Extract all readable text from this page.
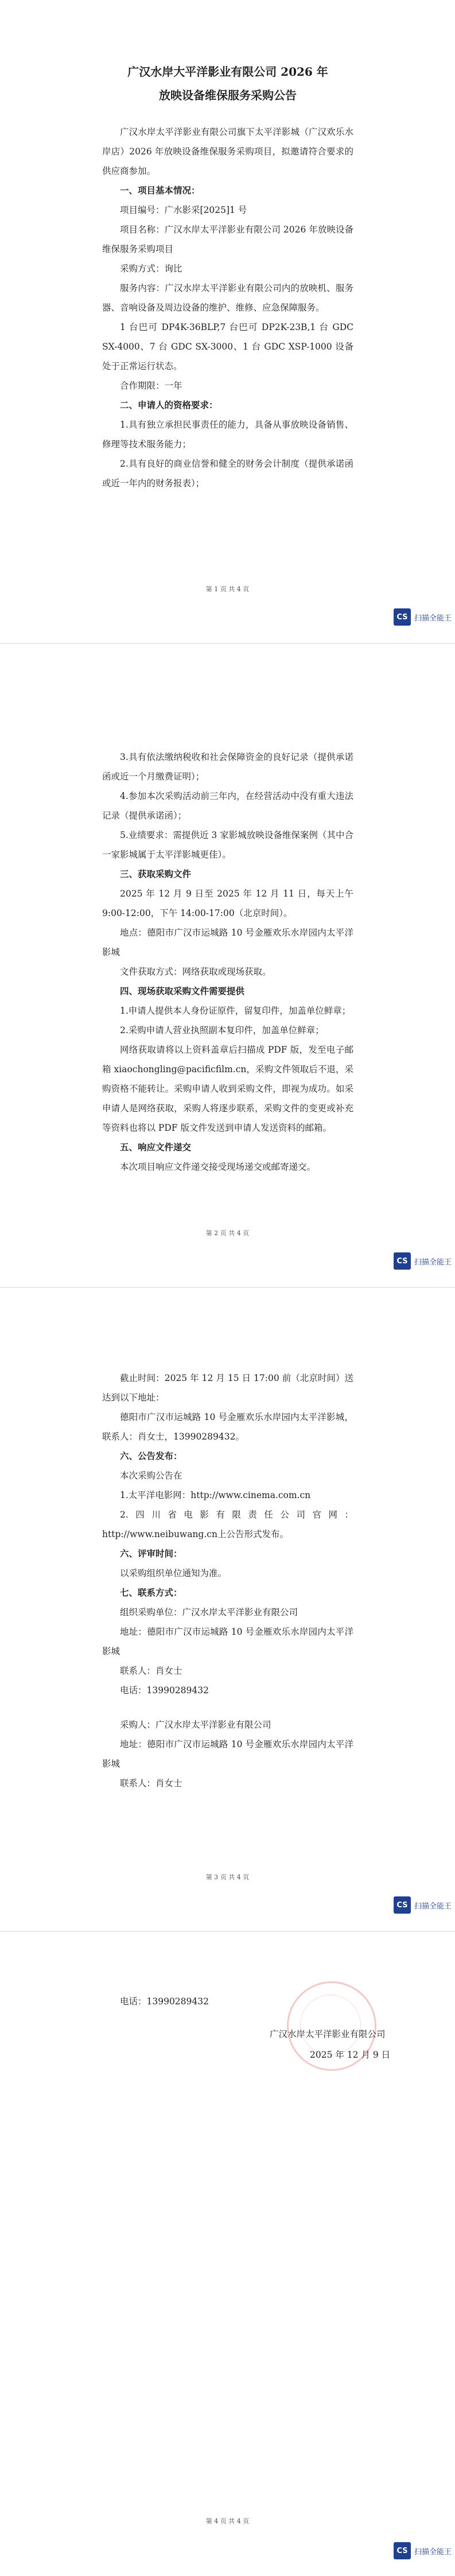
广汉水岸大平洋影业有限公司 2026 年
放映设备维保服务采购公告

广汉水岸太平洋影业有限公司旗下太平洋影城（广汉欢乐水岸店）2026 年放映设备维保服务采购项目，拟邀请符合要求的供应商参加。

一、项目基本情况：

项目编号：广水影采[2025]1 号

项目名称：广汉水岸太平洋影业有限公司 2026 年放映设备维保服务采购项目

采购方式：询比

服务内容：广汉水岸太平洋影业有限公司内的放映机、服务器、音响设备及周边设备的维护、维修、应急保障服务。

1 台巴可 DP4K-36BLP,7 台巴可 DP2K-23B,1 台 GDC SX-4000、7 台 GDC SX-3000、1 台 GDC XSP-1000 设备处于正常运行状态。

合作期限：一年

二、申请人的资格要求：

1.具有独立承担民事责任的能力，具备从事放映设备销售、修理等技术服务能力；

2.具有良好的商业信誉和健全的财务会计制度（提供承诺函或近一年内的财务报表）；

第 1 页 共 4 页
CS 扫描全能王

3.具有依法缴纳税收和社会保障资金的良好记录（提供承诺函或近一个月缴费证明）；

4.参加本次采购活动前三年内，在经营活动中没有重大违法记录（提供承诺函）；

5.业绩要求：需提供近 3 家影城放映设备维保案例（其中合一家影城属于太平洋影城更佳）。

三、获取采购文件

2025 年 12 月 9 日至 2025 年 12 月 11 日，每天上午 9:00-12:00，下午 14:00-17:00（北京时间）。

地点：德阳市广汉市运城路 10 号金雁欢乐水岸园内太平洋影城

文件获取方式：网络获取或现场获取。

四、现场获取采购文件需要提供

1.申请人提供本人身份证原件，留复印件，加盖单位鲜章；

2.采购申请人营业执照副本复印件，加盖单位鲜章；

网络获取请将以上资料盖章后扫描成 PDF 版，发至电子邮箱 xiaochongling@pacificfilm.cn，采购文件领取后不退，采购资格不能转让。采购申请人收到采购文件，即视为成功。如采申请人是网络获取，采购人将逐步联系，采购文件的变更或补充等资料也将以 PDF 版文件发送到申请人发送资料的邮箱。

五、响应文件递交

本次项目响应文件递交接受现场递交或邮寄递交。

第 2 页 共 4 页
CS 扫描全能王

截止时间：2025 年 12 月 15 日 17:00 前（北京时间）送达到以下地址：

德阳市广汉市运城路 10 号金雁欢乐水岸园内太平洋影城，联系人：肖女士，13990289432。

六、公告发布：

本次采购公告在

1.太平洋电影网：http://www.cinema.com.cn

2.四川省电影有限责任公司官网：http://www.neibuwang.cn上公告形式发布。

六、评审时间：

以采购组织单位通知为准。

七、联系方式：

组织采购单位：广汉水岸太平洋影业有限公司

地址：德阳市广汉市运城路 10 号金雁欢乐水岸园内太平洋影城

联系人：肖女士

电话：13990289432

采购人：广汉水岸太平洋影业有限公司

地址：德阳市广汉市运城路 10 号金雁欢乐水岸园内太平洋影城

联系人：肖女士

第 3 页 共 4 页
CS 扫描全能王

电话：13990289432

广汉水岸太平洋影业有限公司
2025 年 12 月 9 日
第 4 页 共 4 页
CS 扫描全能王
